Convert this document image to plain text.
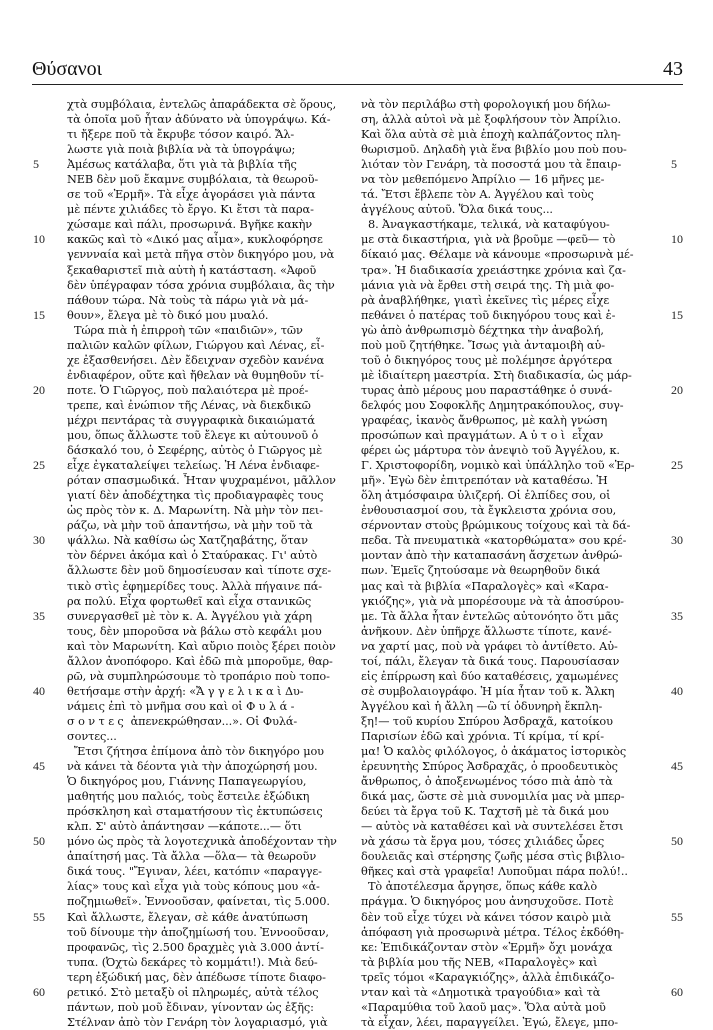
Θύσανοι	43
χτὰ συμβόλαια, ἐντελῶς ἀπαράδεκτα σὲ ὅρους,
τὰ ὁποῖα μοῦ ἦταν ἀδύνατο νὰ ὑπογράψω. Κά-
τι ἤξερε ποῦ τὰ ἔκρυβε τόσον καιρό. Ἄλ-
λωστε γιὰ ποιὰ βιβλία νὰ τὰ ὑπογράψω;
Ἀμέσως κατάλαβα, ὅτι γιὰ τὰ βιβλία τῆς
ΝΕΒ δὲν μοῦ ἔκαμνε συμβόλαια, τὰ θεωροῦ-
σε τοῦ «Ἑρμῆ». Τὰ εἶχε ἀγοράσει γιὰ πάντα
μὲ πέντε χιλιάδες τὸ ἔργο. Κι ἔτσι τὰ παρα-
χώσαμε καὶ πάλι, προσωρινά. Βγῆκε κακὴν
κακῶς καὶ τὸ «Δικό μας αἷμα», κυκλοφόρησε
γεννναία καὶ μετὰ πῆγα στὸν δικηγόρο μου, νὰ
ξεκαθαριστεῖ πιὰ αὐτὴ ἡ κατάσταση. «Ἀφοῦ
δὲν ὑπέγραφαν τόσα χρόνια συμβόλαια, ἂς τὴν
πάθουν τώρα. Νὰ τοὺς τὰ πάρω γιὰ νὰ μά-
θουν», ἔλεγα μὲ τὸ δικό μου μυαλό.
Τώρα πιὰ ἡ ἐπιρροὴ τῶν «παιδιῶν», τῶν
παλιῶν καλῶν φίλων, Γιώργου καὶ Λένας, εἶ-
χε ἐξασθενήσει. Δὲν ἔδειχναν σχεδὸν κανένα
ἐνδιαφέρον, οὔτε καὶ ἤθελαν νὰ θυμηθοῦν τί-
ποτε. Ὁ Γιῶργος, ποὺ παλαιότερα μὲ προέ-
τρεπε, καὶ ἐνώπιον τῆς Λένας, νὰ διεκδικῶ
μέχρι πεντάρας τὰ συγγραφικὰ δικαιώματά
μου, ὅπως ἄλλωστε τοῦ ἔλεγε κι αὐτουνοῦ ὁ
δάσκαλό του, ὁ Σεφέρης, αὐτὸς ὁ Γιῶργος μὲ
εἶχε ἐγκαταλείψει τελείως. Ἡ Λένα ἐνδιαφε-
ρόταν σπασμωδικά. Ἦταν ψυχραμένοι, μᾶλλον
γιατί δὲν ἀποδέχτηκα τὶς προδιαγραφὲς τους
ὡς πρὸς τὸν κ. Δ. Μαρωνίτη. Νὰ μὴν τὸν πει-
ράζω, νὰ μὴν τοῦ ἀπαντήσω, νὰ μὴν τοῦ τὰ
ψάλλω. Νὰ καθίσω ὡς Χατζηαβάτης, ὅταν
τὸν δέρνει ἀκόμα καὶ ὁ Σταύρακας. Γι' αὐτὸ
ἄλλωστε δὲν μοῦ δημοσίευσαν καὶ τίποτε σχε-
τικὸ στὶς ἐφημερίδες τους. Ἀλλὰ πήγαινε πά-
ρα πολύ. Εἶχα φορτωθεῖ καὶ εἶχα στανικῶς
συνεργασθεῖ μὲ τὸν κ. Α. Ἀγγέλου γιὰ χάρη
τους, δὲν μποροῦσα νὰ βάλω στὸ κεφάλι μου
καὶ τὸν Μαρωνίτη. Καὶ αὔριο ποιὸς ξέρει ποιὸν
ἄλλον ἀνοπόφορο. Καὶ ἐδῶ πιὰ μποροῦμε, θαρ-
ρῶ, νὰ συμπληρώσουμε τὸ τροπάριο ποὺ τοπο-
θετήσαμε στὴν ἀρχή: «Ἄ γ γ ε λ ι κ α ὶ Δυ-
νάμεις ἐπὶ τὸ μνῆμα σου καὶ οἱ Φ υ λ ά -
σ ο ν τ ε ς  ἀπενεκρώθησαν...». Οἱ Φυλά-
σοντες...
Ἔτσι ζήτησα ἐπίμονα ἀπὸ τὸν δικηγόρο μου
νὰ κάνει τὰ δέοντα γιὰ τὴν ἀποχώρησή μου.
Ὁ δικηγόρος μου, Γιάννης Παπαγεωργίου,
μαθητής μου παλιός, τοὺς ἔστειλε ἐξώδικη
πρόσκληση καὶ σταματήσουν τὶς ἐκτυπώσεις
κλπ. Σ' αὐτὸ ἀπάντησαν —κάποτε...— ὅτι
μόνο ὡς πρὸς τὰ λογοτεχνικὰ ἀποδέχονταν τὴν
ἀπαίτησή μας. Τὰ ἄλλα —ὅλα— τὰ θεωροῦν
δικά τους. "Ἔγιναν, λέει, κατόπιν «παραγγε-
λίας» τους καὶ εἶχα γιὰ τοὺς κόπους μου «ἀ-
ποζημιωθεῖ». Ἐννοοῦσαν, φαίνεται, τὶς 5.000.
Καὶ ἄλλωστε, ἔλεγαν, σὲ κάθε ἀνατύπωση
τοῦ δίνουμε τὴν ἀποζημίωσή του. Ἐννοοῦσαν,
προφανῶς, τὶς 2.500 δραχμὲς γιὰ 3.000 ἀντί-
τυπα. (Ὀχτὼ δεκάρες τὸ κομμάτι!). Μιὰ δεύ-
τερη ἐξώδική μας, δὲν ἀπέδωσε τίποτε διαφο-
ρετικό. Στὸ μεταξὺ οἱ πληρωμές, αὐτὰ τέλος
πάντων, ποὺ μοῦ ἔδιναν, γίνονταν ὡς ἑξῆς:
Στέλναν ἀπὸ τὸν Γενάρη τὸν λογαριασμό, γιὰ
νὰ τὸν περιλάβω στὴ φορολογική μου δήλω-
ση, ἀλλὰ αὐτοὶ νὰ μὲ ξοφλήσουν τὸν Ἀπρίλιο.
Καὶ ὅλα αὐτὰ σὲ μιὰ ἐποχὴ καλπάζοντος πλη-
θωρισμοῦ. Δηλαδὴ γιὰ ἕνα βιβλίο μου ποὺ που-
λιόταν τὸν Γενάρη, τὰ ποσοστά μου τὰ ἔπαιρ-
να τὸν μεθεπόμενο Ἀπρίλιο — 16 μῆνες με-
τά. Ἔτσι ἔβλεπε τὸν Α. Ἀγγέλου καὶ τοὺς
ἀγγέλους αὐτοῦ. Ὅλα δικά τους...
8. Ἀναγκαστήκαμε, τελικά, νὰ καταφύγου-
με στὰ δικαστήρια, γιὰ νὰ βροῦμε —φεῦ— τὸ
δίκαιό μας. Θέλαμε νὰ κάνουμε «προσωρινὰ μέ-
τρα». Ἡ διαδικασία χρειάστηκε χρόνια καὶ ζα-
μάνια γιὰ νὰ ἔρθει στὴ σειρά της. Τὴ μιὰ φο-
ρὰ ἀναβλήθηκε, γιατὶ ἐκεῖνες τὶς μέρες εἶχε
πεθάνει ὁ πατέρας τοῦ δικηγόρου τους καὶ ἐ-
γὼ ἀπὸ ἀνθρωπισμὸ δέχτηκα τὴν ἀναβολή,
ποὺ μοῦ ζητήθηκε. Ἴσως γιὰ ἀνταμοιβὴ αὐ-
τοῦ ὁ δικηγόρος τους μὲ πολέμησε ἀργότερα
μὲ ἰδιαίτερη μαεστρία. Στὴ διαδικασία, ὡς μάρ-
τυρας ἀπὸ μέρους μου παραστάθηκε ὁ συνά-
δελφός μου Σοφοκλῆς Δημητρακόπουλος, συγ-
γραφέας, ἱκανὸς ἄνθρωπος, μὲ καλὴ γνώση
προσώπων καὶ πραγμάτων. Α ὐ τ ο ὶ  εἶχαν
φέρει ὡς μάρτυρα τὸν ἀνεψιὸ τοῦ Ἀγγέλου, κ.
Γ. Χριστοφορίδη, νομικὸ καὶ ὑπάλληλο τοῦ «Ἑρ-
μῆ». Ἐγὼ δὲν ἐπιτρεπόταν νὰ καταθέσω. Ἡ
ὅλη ἀτμόσφαιρα ὑλιζερή. Οἱ ἐλπίδες σου, οἱ
ἐνθουσιασμοί σου, τὰ ἔγκλειστα χρόνια σου,
σέρνονταν στοὺς βρώμικους τοίχους καὶ τὰ δά-
πεδα. Τὰ πνευματικὰ «κατορθώματα» σου κρέ-
μονταν ἀπὸ τὴν καταπασάνη ἄσχετων ἀνθρώ-
πων. Ἐμεῖς ζητούσαμε νὰ θεωρηθοῦν δικά
μας καὶ τὰ βιβλία «Παραλογὲς» καὶ «Καρα-
γκιόζης», γιὰ νὰ μπορέσουμε νὰ τὰ ἀποσύρου-
με. Τὰ ἄλλα ἦταν ἐντελῶς αὐτονόητο ὅτι μᾶς
ἀνῆκουν. Δὲν ὑπῆρχε ἄλλωστε τίποτε, κανέ-
να χαρτί μας, ποὺ νὰ γράφει τὸ ἀντίθετο. Αὐ-
τοί, πάλι, ἔλεγαν τὰ δικά τους. Παρουσίασαν
εἰς ἐπίρρωση καὶ δύο καταθέσεις, χαμωμένες
σὲ συμβολαιογράφο. Ἡ μία ἦταν τοῦ κ. Ἄλκη
Ἀγγέλου καὶ ἡ ἄλλη —ὢ τί ὀδυνηρὴ ἔκπλη-
ξη!— τοῦ κυρίου Σπύρου Ἀσδραχᾶ, κατοίκου
Παρισίων ἐδῶ καὶ χρόνια. Τί κρίμα, τί κρί-
μα! Ὁ καλὸς φιλόλογος, ὁ ἀκάματος ἱστορικὸς
ἐρευνητὴς Σπύρος Ἀσδραχᾶς, ὁ προοδευτικὸς
ἄνθρωπος, ὁ ἀποξενωμένος τόσο πιὰ ἀπὸ τὰ
δικά μας, ὥστε σὲ μιὰ συνομιλία μας νὰ μπερ-
δεύει τὰ ἔργα τοῦ Κ. Ταχτσῆ μὲ τὰ δικά μου
— αὐτὸς νὰ καταθέσει καὶ νὰ συντελέσει ἔτσι
νὰ χάσω τὰ ἔργα μου, τόσες χιλιάδες ὧρες
δουλειᾶς καὶ στέρησης ζωῆς μέσα στὶς βιβλιο-
θῆκες καὶ στὰ γραφεῖα! Λυποῦμαι πάρα πολύ!..
Τὸ ἀποτέλεσμα ἄργησε, ὅπως κάθε καλὸ
πράγμα. Ὁ δικηγόρος μου ἀνησυχοῦσε. Ποτὲ
δὲν τοῦ εἶχε τύχει νὰ κάνει τόσον καιρὸ μιὰ
ἀπόφαση γιὰ προσωρινὰ μέτρα. Τέλος ἐκδόθη-
κε: Ἐπιδικάζονταν στὸν «Ἑρμῆ» ὄχι μονάχα
τὰ βιβλία μου τῆς ΝΕΒ, «Παραλογὲς» καὶ
τρεῖς τόμοι «Καραγκιόζης», ἀλλὰ ἐπιδικάζο-
νταν καὶ τὰ «Δημοτικὰ τραγούδια» καὶ τὰ
«Παραμύθια τοῦ λαοῦ μας». Ὅλα αὐτὰ μοῦ
τὰ εἶχαν, λέει, παραγγείλει. Ἐγώ, ἔλεγε, μπο-
5	5
10	10
15	15
20	20
25	25
30	30
35	35
40	40
45	45
50	50
55	55
60	60
